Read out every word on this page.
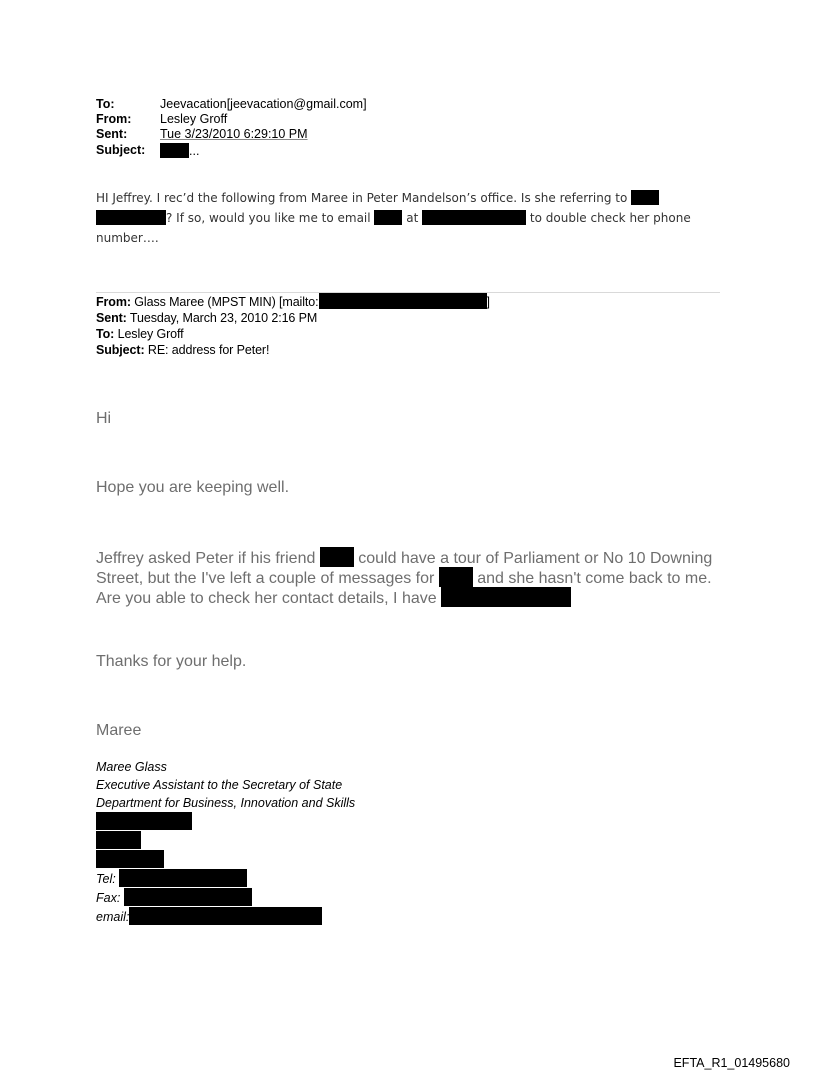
To:	Jeevacation[jeevacation@gmail.com]
From: Lesley Groff
Sent:	Tue 3/23/2010 6:29:10 PM
Subject:	...
HI Jeffrey. I rec’d the following from Maree in Peter Mandelson’s office. Is she referring to
? If so, would you like me to email  at	to double check her phone number….
From: Glass Maree (MPST MIN) [mailto:	]
Sent: Tuesday, March 23, 2010 2:16 PM
To: Lesley Groff
Subject: RE: address for Peter!
Hi
Hope you are keeping well.
Jeffrey asked Peter if his friend  could have a tour of Parliament or No 10 Downing Street, but the I've left a couple of messages for  and she hasn't come back to me. Are you able to check her contact details, I have
Thanks for your help.
Maree
Maree Glass
Executive Assistant to the Secretary of State
Department for Business, Innovation and Skills
Tel:
Fax:
email:
EFTA_R1_01495680
